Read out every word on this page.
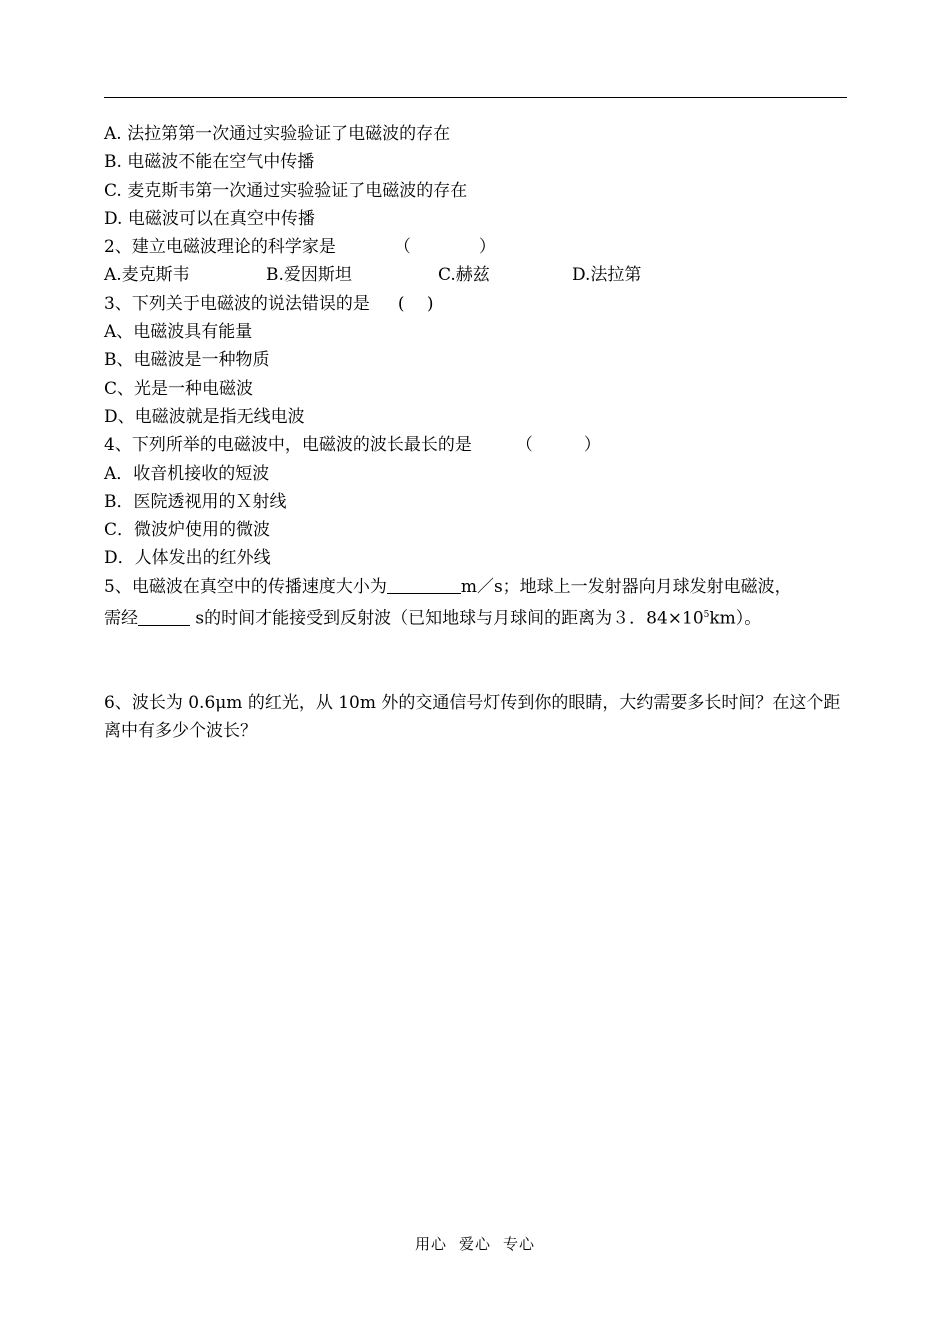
A. 法拉第第一次通过实验验证了电磁波的存在
B. 电磁波不能在空气中传播
C. 麦克斯韦第一次通过实验验证了电磁波的存在
D. 电磁波可以在真空中传播
2、建立电磁波理论的科学家是	（　　　　）
A.麦克斯韦	B.爱因斯坦	C.赫兹	D.法拉第
3、下列关于电磁波的说法错误的是 (　 )
A、电磁波具有能量
B、电磁波是一种物质
C、光是一种电磁波
D、电磁波就是指无线电波
4、下列所举的电磁波中，电磁波的波长最长的是	（　　　）
A．收音机接收的短波
B．医院透视用的Ｘ射线
C．微波炉使用的微波
D．人体发出的红外线
5、电磁波在真空中的传播速度大小为	m／s；地球上一发射器向月球发射电磁波，
需经	s的时间才能接受到反射波（已知地球与月球间的距离为３．$84\times 10^5km$）。
6、波长为 0.6μm 的红光，从 10m 外的交通信号灯传到你的眼睛，大约需要多长时间？在这个距离中有多少个波长？
用心 爱心 专心
